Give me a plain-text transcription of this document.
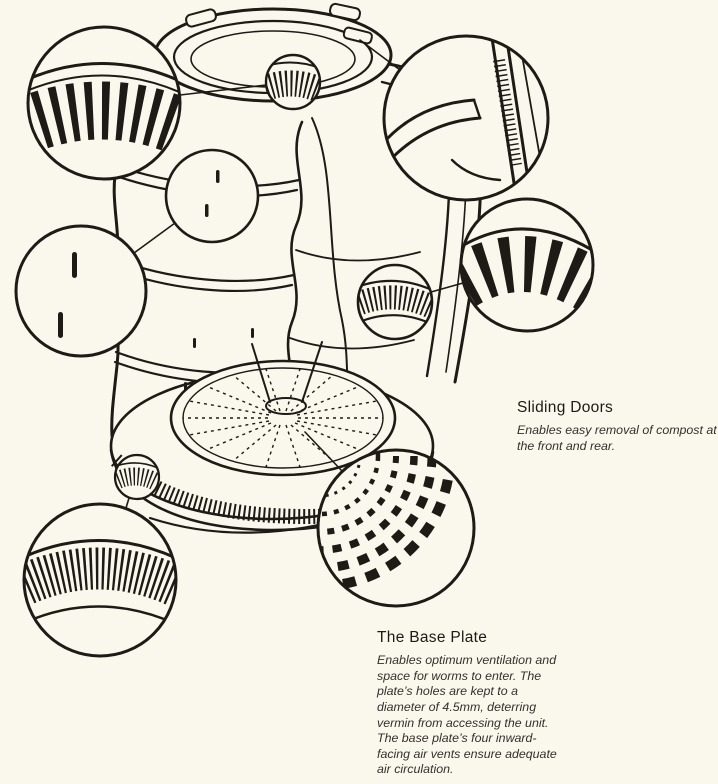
Sliding Doors

Enables easy removal of compost at the front and rear.

The Base Plate

Enables optimum ventilation and space for worms to enter. The plate’s holes are kept to a diameter of 4.5mm, deterring vermin from accessing the unit. The base plate’s four inward-facing air vents ensure adequate air circulation.
